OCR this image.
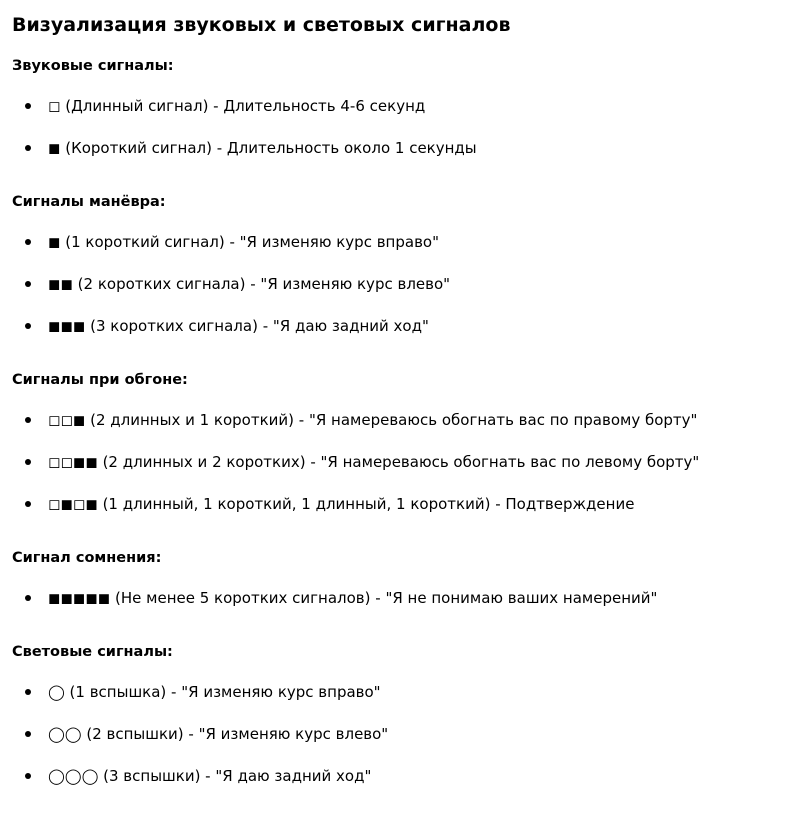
Визуализация звуковых и световых сигналов
Звуковые сигналы:
◻ (Длинный сигнал) - Длительность 4-6 секунд
◼ (Короткий сигнал) - Длительность около 1 секунды
Сигналы манёвра:
◼ (1 короткий сигнал) - "Я изменяю курс вправо"
◼◼ (2 коротких сигнала) - "Я изменяю курс влево"
◼◼◼ (3 коротких сигнала) - "Я даю задний ход"
Сигналы при обгоне:
◻◻◼ (2 длинных и 1 короткий) - "Я намереваюсь обогнать вас по правому борту"
◻◻◼◼ (2 длинных и 2 коротких) - "Я намереваюсь обогнать вас по левому борту"
◻◼◻◼ (1 длинный, 1 короткий, 1 длинный, 1 короткий) - Подтверждение
Сигнал сомнения:
◼◼◼◼◼ (Не менее 5 коротких сигналов) - "Я не понимаю ваших намерений"
Световые сигналы:
◯ (1 вспышка) - "Я изменяю курс вправо"
◯◯ (2 вспышки) - "Я изменяю курс влево"
◯◯◯ (3 вспышки) - "Я даю задний ход"
